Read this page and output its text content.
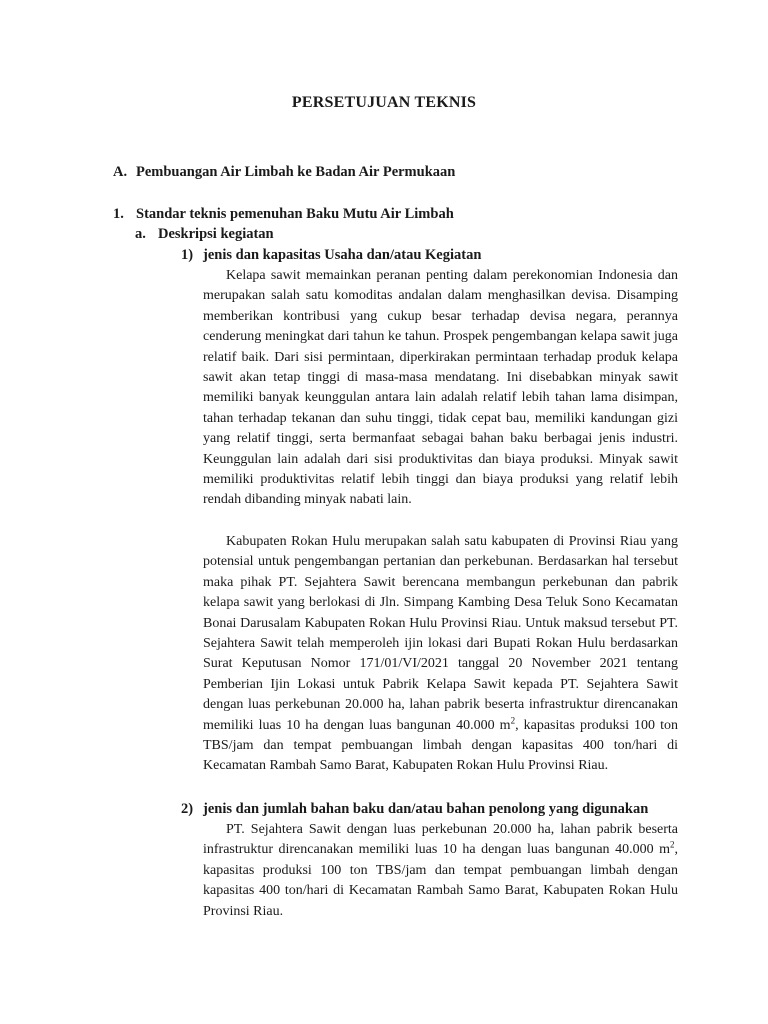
PERSETUJUAN TEKNIS
A. Pembuangan Air Limbah ke Badan Air Permukaan
1. Standar teknis pemenuhan Baku Mutu Air Limbah
a. Deskripsi kegiatan
1) jenis dan kapasitas Usaha dan/atau Kegiatan
Kelapa sawit memainkan peranan penting dalam perekonomian Indonesia dan merupakan salah satu komoditas andalan dalam menghasilkan devisa. Disamping memberikan kontribusi yang cukup besar terhadap devisa negara, perannya cenderung meningkat dari tahun ke tahun. Prospek pengembangan kelapa sawit juga relatif baik. Dari sisi permintaan, diperkirakan permintaan terhadap produk kelapa sawit akan tetap tinggi di masa-masa mendatang. Ini disebabkan minyak sawit memiliki banyak keunggulan antara lain adalah relatif lebih tahan lama disimpan, tahan terhadap tekanan dan suhu tinggi, tidak cepat bau, memiliki kandungan gizi yang relatif tinggi, serta bermanfaat sebagai bahan baku berbagai jenis industri. Keunggulan lain adalah dari sisi produktivitas dan biaya produksi. Minyak sawit memiliki produktivitas relatif lebih tinggi dan biaya produksi yang relatif lebih rendah dibanding minyak nabati lain.
Kabupaten Rokan Hulu merupakan salah satu kabupaten di Provinsi Riau yang potensial untuk pengembangan pertanian dan perkebunan. Berdasarkan hal tersebut maka pihak PT. Sejahtera Sawit berencana membangun perkebunan dan pabrik kelapa sawit yang berlokasi di Jln. Simpang Kambing Desa Teluk Sono Kecamatan Bonai Darusalam Kabupaten Rokan Hulu Provinsi Riau. Untuk maksud tersebut PT. Sejahtera Sawit telah memperoleh ijin lokasi dari Bupati Rokan Hulu berdasarkan Surat Keputusan Nomor 171/01/VI/2021 tanggal 20 November 2021 tentang Pemberian Ijin Lokasi untuk Pabrik Kelapa Sawit kepada PT. Sejahtera Sawit dengan luas perkebunan 20.000 ha, lahan pabrik beserta infrastruktur direncanakan memiliki luas 10 ha dengan luas bangunan 40.000 $m^2$, kapasitas produksi 100 ton TBS/jam dan tempat pembuangan limbah dengan kapasitas 400 ton/hari di Kecamatan Rambah Samo Barat, Kabupaten Rokan Hulu Provinsi Riau.
2) jenis dan jumlah bahan baku dan/atau bahan penolong yang digunakan
PT. Sejahtera Sawit dengan luas perkebunan 20.000 ha, lahan pabrik beserta infrastruktur direncanakan memiliki luas 10 ha dengan luas bangunan 40.000 $m^2$, kapasitas produksi 100 ton TBS/jam dan tempat pembuangan limbah dengan kapasitas 400 ton/hari di Kecamatan Rambah Samo Barat, Kabupaten Rokan Hulu Provinsi Riau.
